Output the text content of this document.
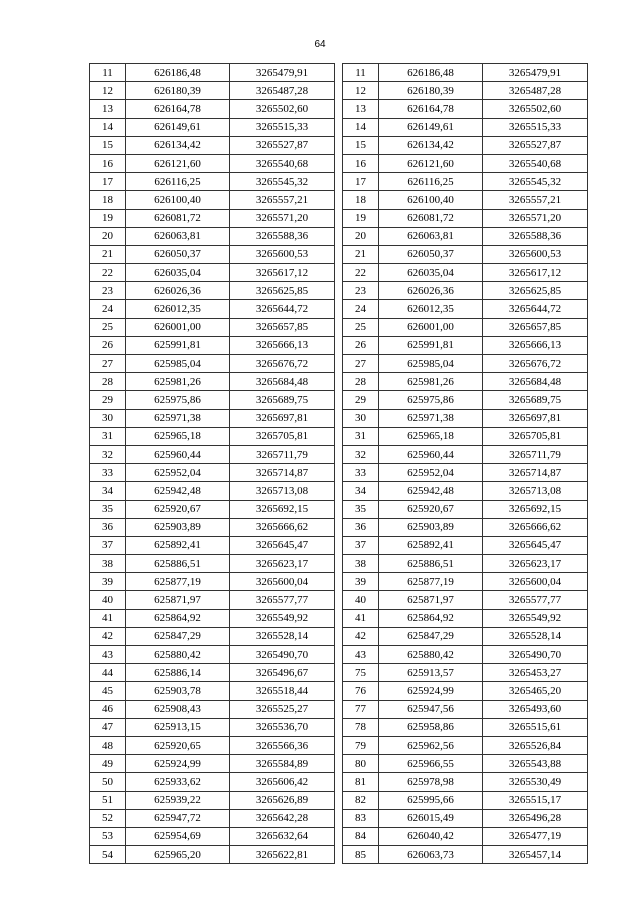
64
11	626186,48	3265479,91
12	626180,39	3265487,28
13	626164,78	3265502,60
14	626149,61	3265515,33
15	626134,42	3265527,87
16	626121,60	3265540,68
17	626116,25	3265545,32
18	626100,40	3265557,21
19	626081,72	3265571,20
20	626063,81	3265588,36
21	626050,37	3265600,53
22	626035,04	3265617,12
23	626026,36	3265625,85
24	626012,35	3265644,72
25	626001,00	3265657,85
26	625991,81	3265666,13
27	625985,04	3265676,72
28	625981,26	3265684,48
29	625975,86	3265689,75
30	625971,38	3265697,81
31	625965,18	3265705,81
32	625960,44	3265711,79
33	625952,04	3265714,87
34	625942,48	3265713,08
35	625920,67	3265692,15
36	625903,89	3265666,62
37	625892,41	3265645,47
38	625886,51	3265623,17
39	625877,19	3265600,04
40	625871,97	3265577,77
41	625864,92	3265549,92
42	625847,29	3265528,14
43	625880,42	3265490,70
44	625886,14	3265496,67
45	625903,78	3265518,44
46	625908,43	3265525,27
47	625913,15	3265536,70
48	625920,65	3265566,36
49	625924,99	3265584,89
50	625933,62	3265606,42
51	625939,22	3265626,89
52	625947,72	3265642,28
53	625954,69	3265632,64
54	625965,20	3265622,81
11	626186,48	3265479,91
12	626180,39	3265487,28
13	626164,78	3265502,60
14	626149,61	3265515,33
15	626134,42	3265527,87
16	626121,60	3265540,68
17	626116,25	3265545,32
18	626100,40	3265557,21
19	626081,72	3265571,20
20	626063,81	3265588,36
21	626050,37	3265600,53
22	626035,04	3265617,12
23	626026,36	3265625,85
24	626012,35	3265644,72
25	626001,00	3265657,85
26	625991,81	3265666,13
27	625985,04	3265676,72
28	625981,26	3265684,48
29	625975,86	3265689,75
30	625971,38	3265697,81
31	625965,18	3265705,81
32	625960,44	3265711,79
33	625952,04	3265714,87
34	625942,48	3265713,08
35	625920,67	3265692,15
36	625903,89	3265666,62
37	625892,41	3265645,47
38	625886,51	3265623,17
39	625877,19	3265600,04
40	625871,97	3265577,77
41	625864,92	3265549,92
42	625847,29	3265528,14
43	625880,42	3265490,70
75	625913,57	3265453,27
76	625924,99	3265465,20
77	625947,56	3265493,60
78	625958,86	3265515,61
79	625962,56	3265526,84
80	625966,55	3265543,88
81	625978,98	3265530,49
82	625995,66	3265515,17
83	626015,49	3265496,28
84	626040,42	3265477,19
85	626063,73	3265457,14
